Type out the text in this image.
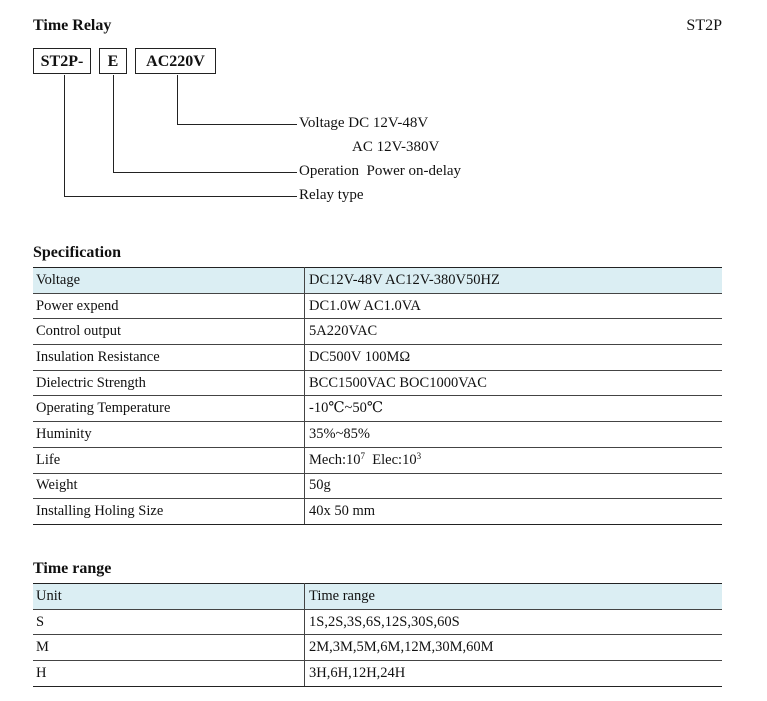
Time Relay	ST2P
ST2P-	E	AC220V
Voltage DC 12V-48V
AC 12V-380V
Operation  Power on-delay
Relay type
Specification
Voltage	DC12V-48V AC12V-380V50HZ
Power expend	DC1.0W AC1.0VA
Control output	5A220VAC
Insulation Resistance	DC500V 100MΩ
Dielectric Strength	BCC1500VAC BOC1000VAC
Operating Temperature	-10℃~50℃
Huminity	35%~85%
Life	$Mech:10^7$ $Elec:10^3$
Weight	50g
Installing Holing Size	40x 50 mm
Time range
Unit	Time range
S	1S,2S,3S,6S,12S,30S,60S
M	2M,3M,5M,6M,12M,30M,60M
H	3H,6H,12H,24H
